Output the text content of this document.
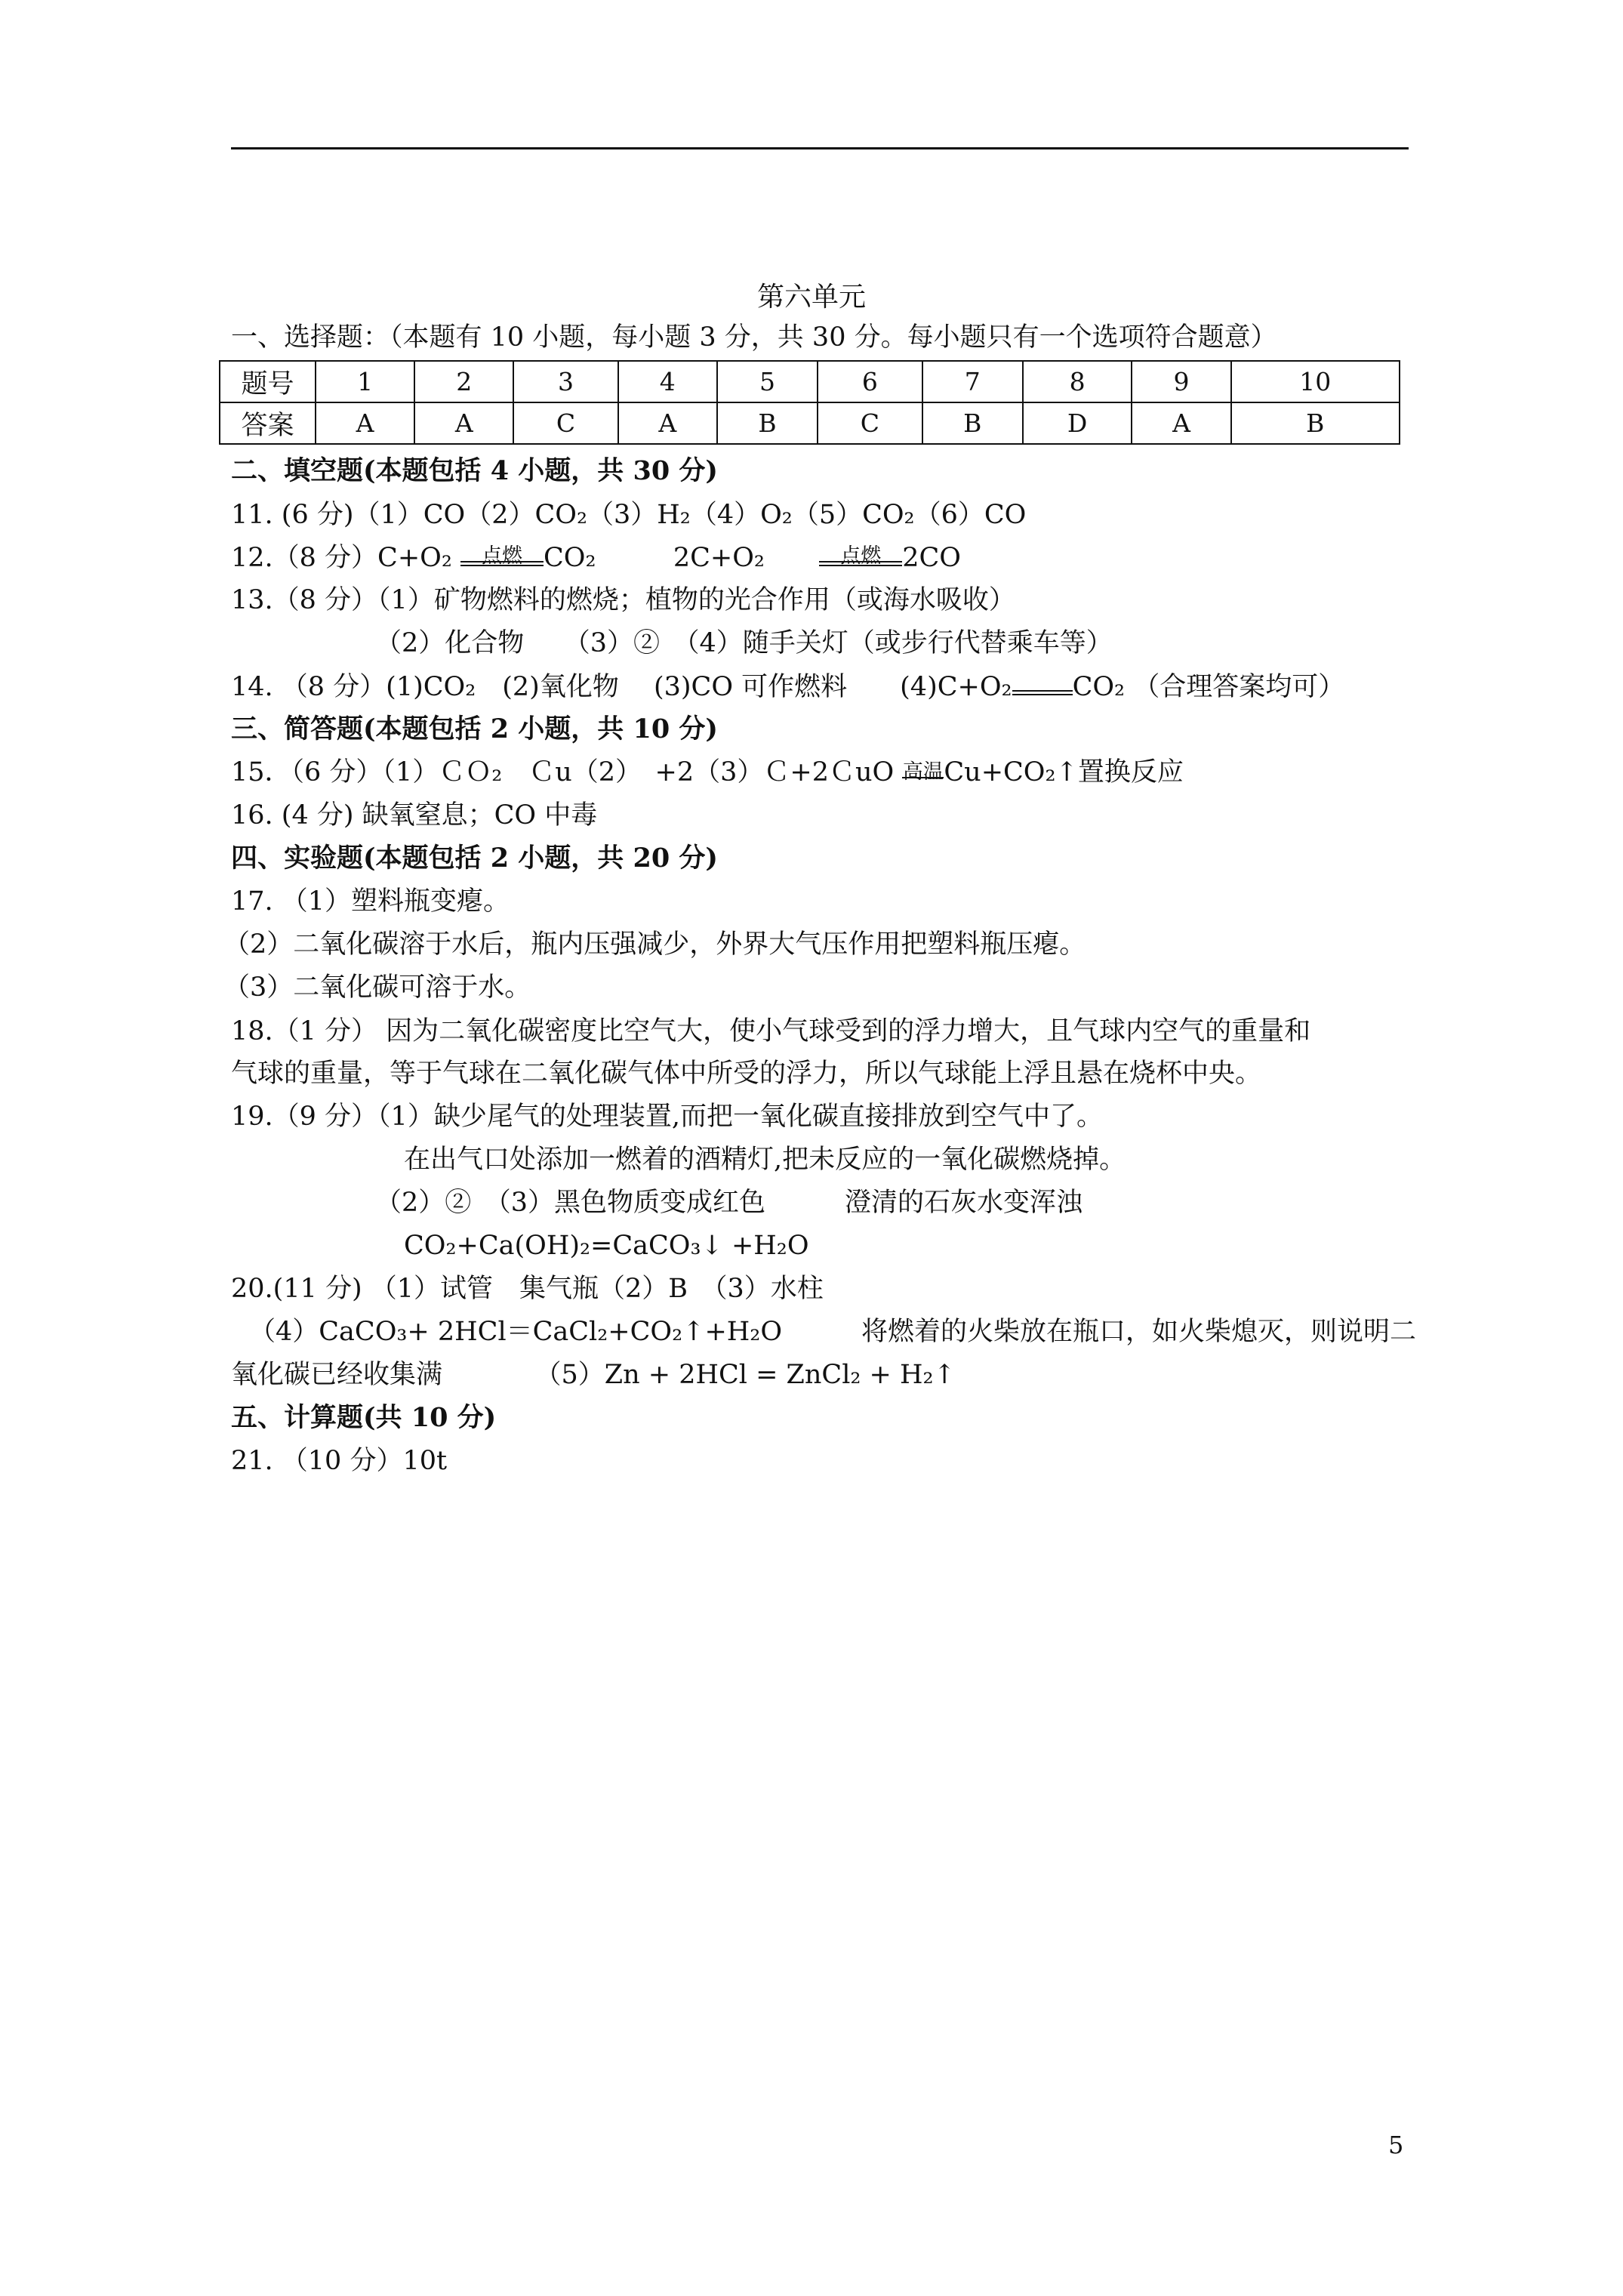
第六单元
一、选择题：（本题有 10 小题，每小题 3 分，共 30 分。每小题只有一个选项符合题意）
题号	1	2	3	4	5	6	7	8	9	10
答案	A	A	C	A	B	C	B	D	A	B
二、填空题(本题包括 4 小题，共 30 分)
11. (6 分)（1）CO（2）CO₂（3）H₂（4）O₂（5）CO₂（6）CO
12.（8 分）C+O₂	点燃 CO₂	2C+O₂	点燃 2CO
13.（8 分）（1）矿物燃料的燃烧；植物的光合作用（或海水吸收）
（2）化合物　　（3）②　（4）随手关灯（或步行代替乘车等）
14. （8 分）(1)CO₂　(2)氧化物　 (3)CO 可作燃料　　(4)C+O₂ CO₂ （合理答案均可）
三、简答题(本题包括 2 小题，共 10 分)
15．（6 分）（1）ＣＯ₂　Ｃu（2）　+2（3）Ｃ+2ＣuO 高温 Cu+CO₂↑置换反应
16. (4 分) 缺氧窒息；CO 中毒
四、实验题(本题包括 2 小题，共 20 分)
17. （1）塑料瓶变瘪。
（2）二氧化碳溶于水后，瓶内压强减少，外界大气压作用把塑料瓶压瘪。
（3）二氧化碳可溶于水。
18.（1 分） 因为二氧化碳密度比空气大，使小气球受到的浮力增大，且气球内空气的重量和
气球的重量，等于气球在二氧化碳气体中所受的浮力，所以气球能上浮且悬在烧杯中央。
19.（9 分）（1）缺少尾气的处理装置,而把一氧化碳直接排放到空气中了。
在出气口处添加一燃着的酒精灯,把未反应的一氧化碳燃烧掉。
（2）②　（3）黑色物质变成红色　　　澄清的石灰水变浑浊
CO₂+Ca(OH)₂=CaCO₃↓ +H₂O
20.(11 分) （1）试管　集气瓶（2）B　（3）水柱
（4）CaCO₃+ 2HCl＝CaCl₂+CO₂↑+H₂O　　　将燃着的火柴放在瓶口，如火柴熄灭，则说明二
氧化碳已经收集满　　　　（5）Zn + 2HCl = ZnCl₂ + H₂↑
五、计算题(共 10 分)
21. （10 分）10t
5
